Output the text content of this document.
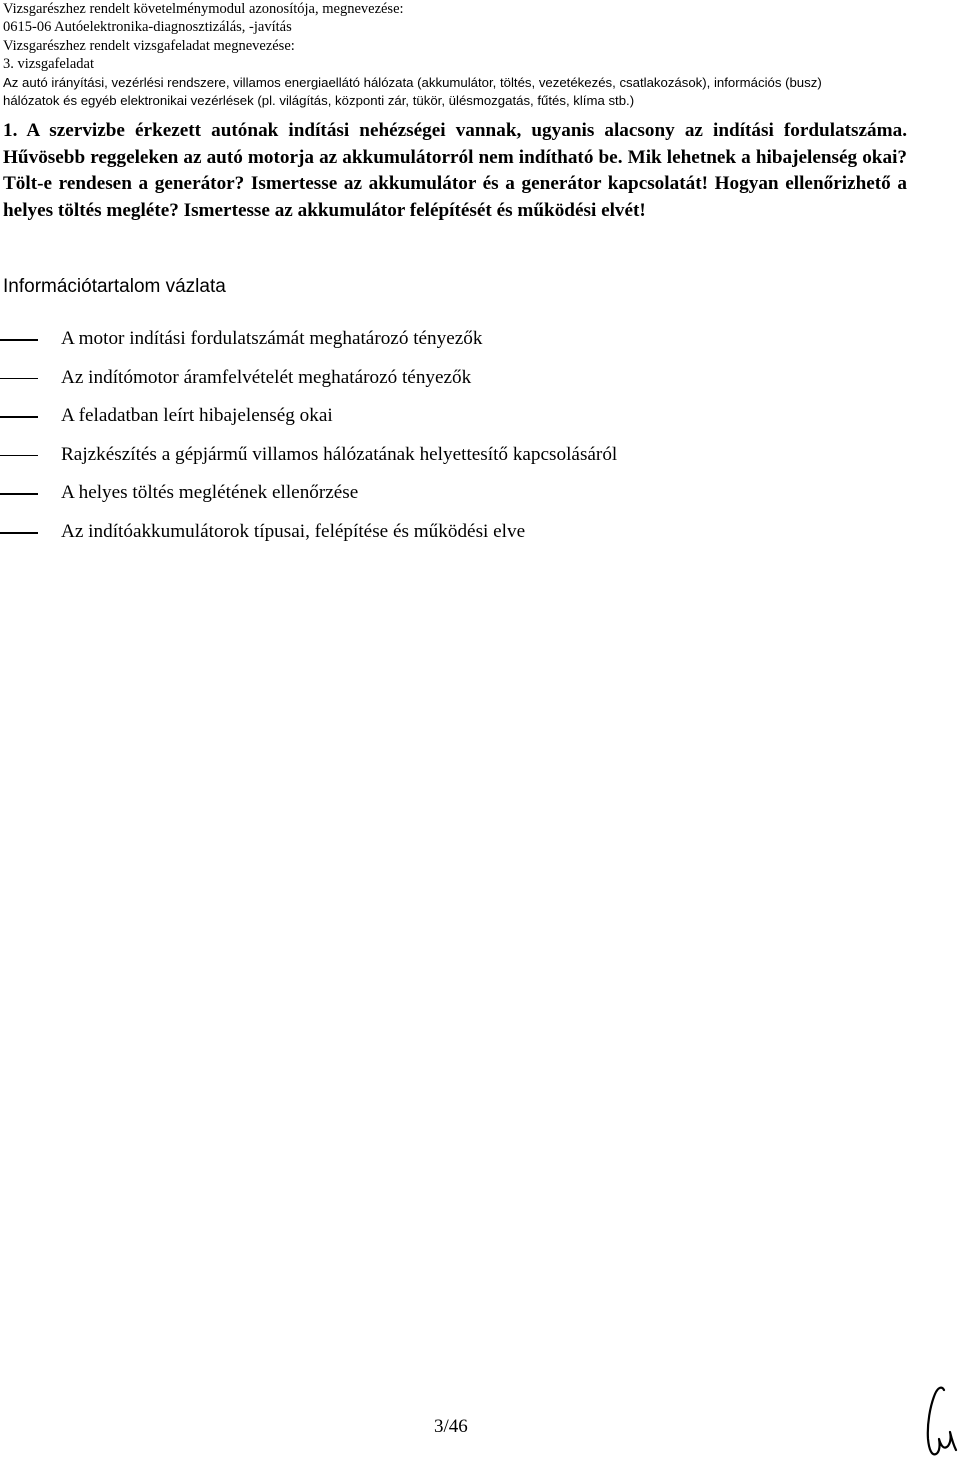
Vizsgarészhez rendelt követelménymodul azonosítója, megnevezése:
0615-06 Autóelektronika-diagnosztizálás, -javítás
Vizsgarészhez rendelt vizsgafeladat megnevezése:
3. vizsgafeladat
Az autó irányítási, vezérlési rendszere, villamos energiaellátó hálózata (akkumulátor, töltés, vezetékezés, csatlakozások), információs (busz)
hálózatok és egyéb elektronikai vezérlések (pl. világítás, központi zár, tükör, ülésmozgatás, fűtés, klíma stb.)
1. A szervizbe érkezett autónak indítási nehézségei vannak, ugyanis alacsony az indítási fordulatszáma. Hűvösebb reggeleken az autó motorja az akkumulátorról nem indítható be. Mik lehetnek a hibajelenség okai? Tölt-e rendesen a generátor? Ismertesse az akkumulátor és a generátor kapcsolatát! Hogyan ellenőrizhető a helyes töltés megléte? Ismertesse az akkumulátor felépítését és működési elvét!
Információtartalom vázlata
A motor indítási fordulatszámát meghatározó tényezők
Az indítómotor áramfelvételét meghatározó tényezők
A feladatban leírt hibajelenség okai
Rajzkészítés a gépjármű villamos hálózatának helyettesítő kapcsolásáról
A helyes töltés meglétének ellenőrzése
Az indítóakkumulátorok típusai, felépítése és működési elve
3/46
